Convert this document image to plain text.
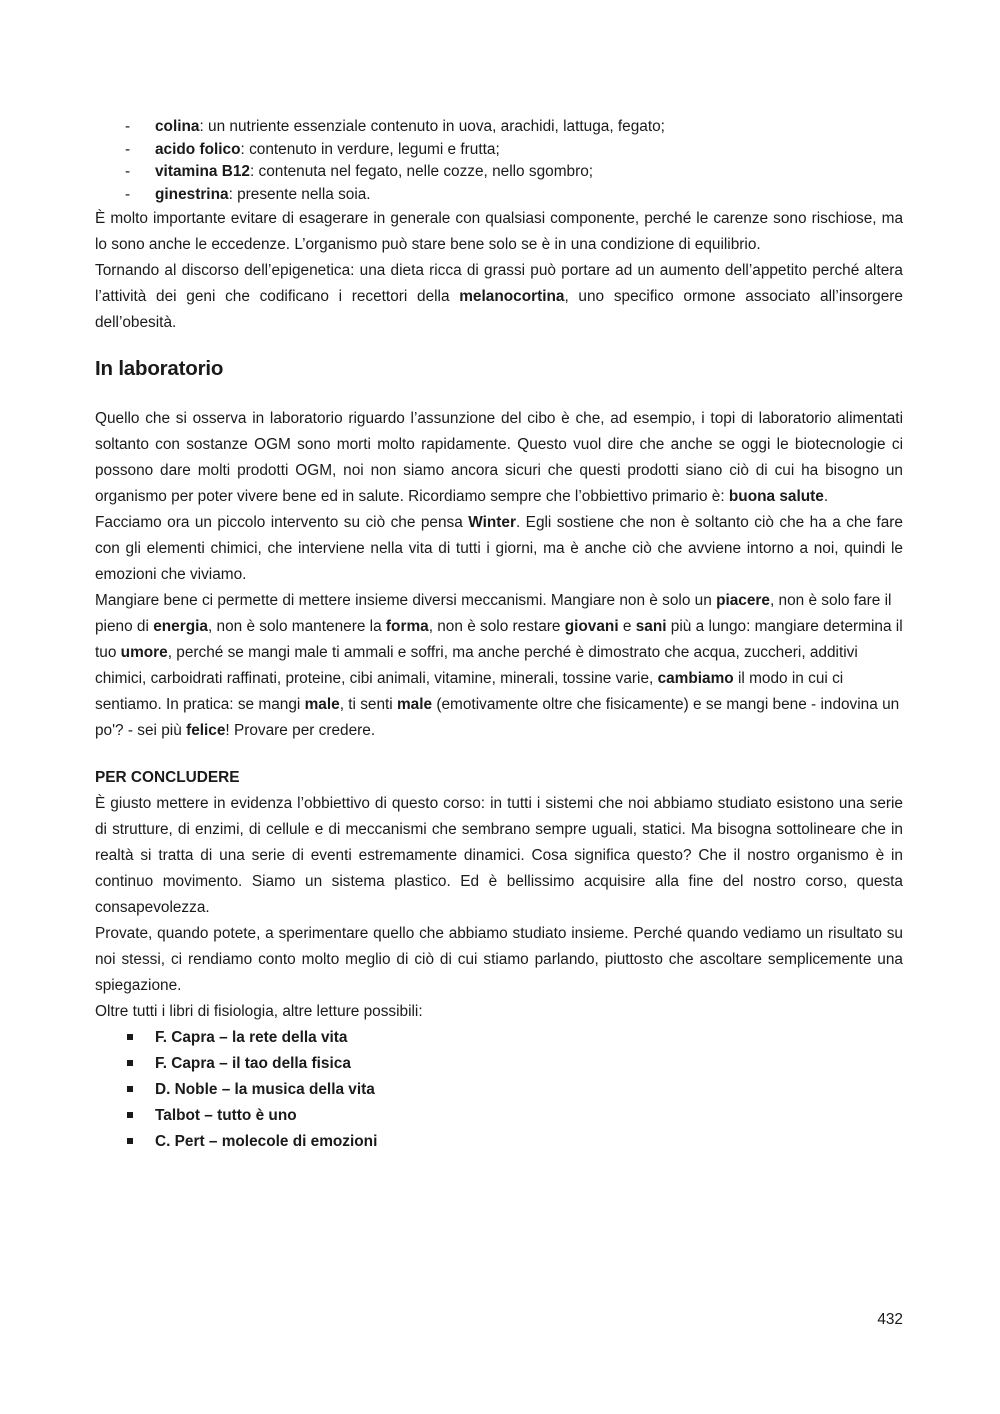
- colina: un nutriente essenziale contenuto in uova, arachidi, lattuga, fegato;
- acido folico: contenuto in verdure, legumi e frutta;
- vitamina B12: contenuta nel fegato, nelle cozze, nello sgombro;
- ginestrina: presente nella soia.

È molto importante evitare di esagerare in generale con qualsiasi componente, perché le carenze sono rischiose, ma lo sono anche le eccedenze. L’organismo può stare bene solo se è in una condizione di equilibrio.

Tornando al discorso dell’epigenetica: una dieta ricca di grassi può portare ad un aumento dell’appetito perché altera l’attività dei geni che codificano i recettori della melanocortina, uno specifico ormone associato all’insorgere dell’obesità.

In laboratorio

Quello che si osserva in laboratorio riguardo l’assunzione del cibo è che, ad esempio, i topi di laboratorio alimentati soltanto con sostanze OGM sono morti molto rapidamente. Questo vuol dire che anche se oggi le biotecnologie ci possono dare molti prodotti OGM, noi non siamo ancora sicuri che questi prodotti siano ciò di cui ha bisogno un organismo per poter vivere bene ed in salute. Ricordiamo sempre che l’obbiettivo primario è: buona salute.

Facciamo ora un piccolo intervento su ciò che pensa Winter. Egli sostiene che non è soltanto ciò che ha a che fare con gli elementi chimici, che interviene nella vita di tutti i giorni, ma è anche ciò che avviene intorno a noi, quindi le emozioni che viviamo.

Mangiare bene ci permette di mettere insieme diversi meccanismi. Mangiare non è solo un piacere, non è solo fare il pieno di energia, non è solo mantenere la forma, non è solo restare giovani e sani più a lungo: mangiare determina il tuo umore, perché se mangi male ti ammali e soffri, ma anche perché è dimostrato che acqua, zuccheri, additivi chimici, carboidrati raffinati, proteine, cibi animali, vitamine, minerali, tossine varie, cambiamo il modo in cui ci sentiamo. In pratica: se mangi male, ti senti male (emotivamente oltre che fisicamente) e se mangi bene - indovina un po'? - sei più felice! Provare per credere.

PER CONCLUDERE

È giusto mettere in evidenza l’obbiettivo di questo corso: in tutti i sistemi che noi abbiamo studiato esistono una serie di strutture, di enzimi, di cellule e di meccanismi che sembrano sempre uguali, statici. Ma bisogna sottolineare che in realtà si tratta di una serie di eventi estremamente dinamici. Cosa significa questo? Che il nostro organismo è in continuo movimento. Siamo un sistema plastico. Ed è bellissimo acquisire alla fine del nostro corso, questa consapevolezza.

Provate, quando potete, a sperimentare quello che abbiamo studiato insieme. Perché quando vediamo un risultato su noi stessi, ci rendiamo conto molto meglio di ciò di cui stiamo parlando, piuttosto che ascoltare semplicemente una spiegazione.

Oltre tutti i libri di fisiologia, altre letture possibili:

F. Capra – la rete della vita
F. Capra – il tao della fisica
D. Noble – la musica della vita
Talbot – tutto è uno
C. Pert – molecole di emozioni
432
